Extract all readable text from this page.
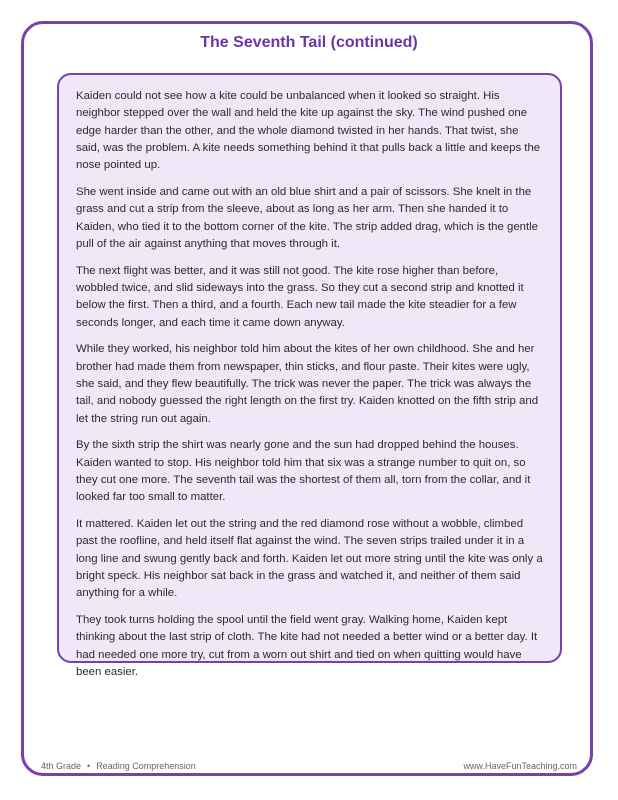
The Seventh Tail (continued)

Kaiden could not see how a kite could be unbalanced when it looked so straight. His neighbor stepped over the wall and held the kite up against the sky. The wind pushed one edge harder than the other, and the whole diamond twisted in her hands. That twist, she said, was the problem. A kite needs something behind it that pulls back a little and keeps the nose pointed up.

She went inside and came out with an old blue shirt and a pair of scissors. She knelt in the grass and cut a strip from the sleeve, about as long as her arm. Then she handed it to Kaiden, who tied it to the bottom corner of the kite. The strip added drag, which is the gentle pull of the air against anything that moves through it.

The next flight was better, and it was still not good. The kite rose higher than before, wobbled twice, and slid sideways into the grass. So they cut a second strip and knotted it below the first. Then a third, and a fourth. Each new tail made the kite steadier for a few seconds longer, and each time it came down anyway.

While they worked, his neighbor told him about the kites of her own childhood. She and her brother had made them from newspaper, thin sticks, and flour paste. Their kites were ugly, she said, and they flew beautifully. The trick was never the paper. The trick was always the tail, and nobody guessed the right length on the first try. Kaiden knotted on the fifth strip and let the string run out again.

By the sixth strip the shirt was nearly gone and the sun had dropped behind the houses. Kaiden wanted to stop. His neighbor told him that six was a strange number to quit on, so they cut one more. The seventh tail was the shortest of them all, torn from the collar, and it looked far too small to matter.

It mattered. Kaiden let out the string and the red diamond rose without a wobble, climbed past the roofline, and held itself flat against the wind. The seven strips trailed under it in a long line and swung gently back and forth. Kaiden let out more string until the kite was only a bright speck. His neighbor sat back in the grass and watched it, and neither of them said anything for a while.

They took turns holding the spool until the field went gray. Walking home, Kaiden kept thinking about the last strip of cloth. The kite had not needed a better wind or a better day. It had needed one more try, cut from a worn out shirt and tied on when quitting would have been easier.

4th Grade • Reading Comprehension	www.HaveFunTeaching.com
